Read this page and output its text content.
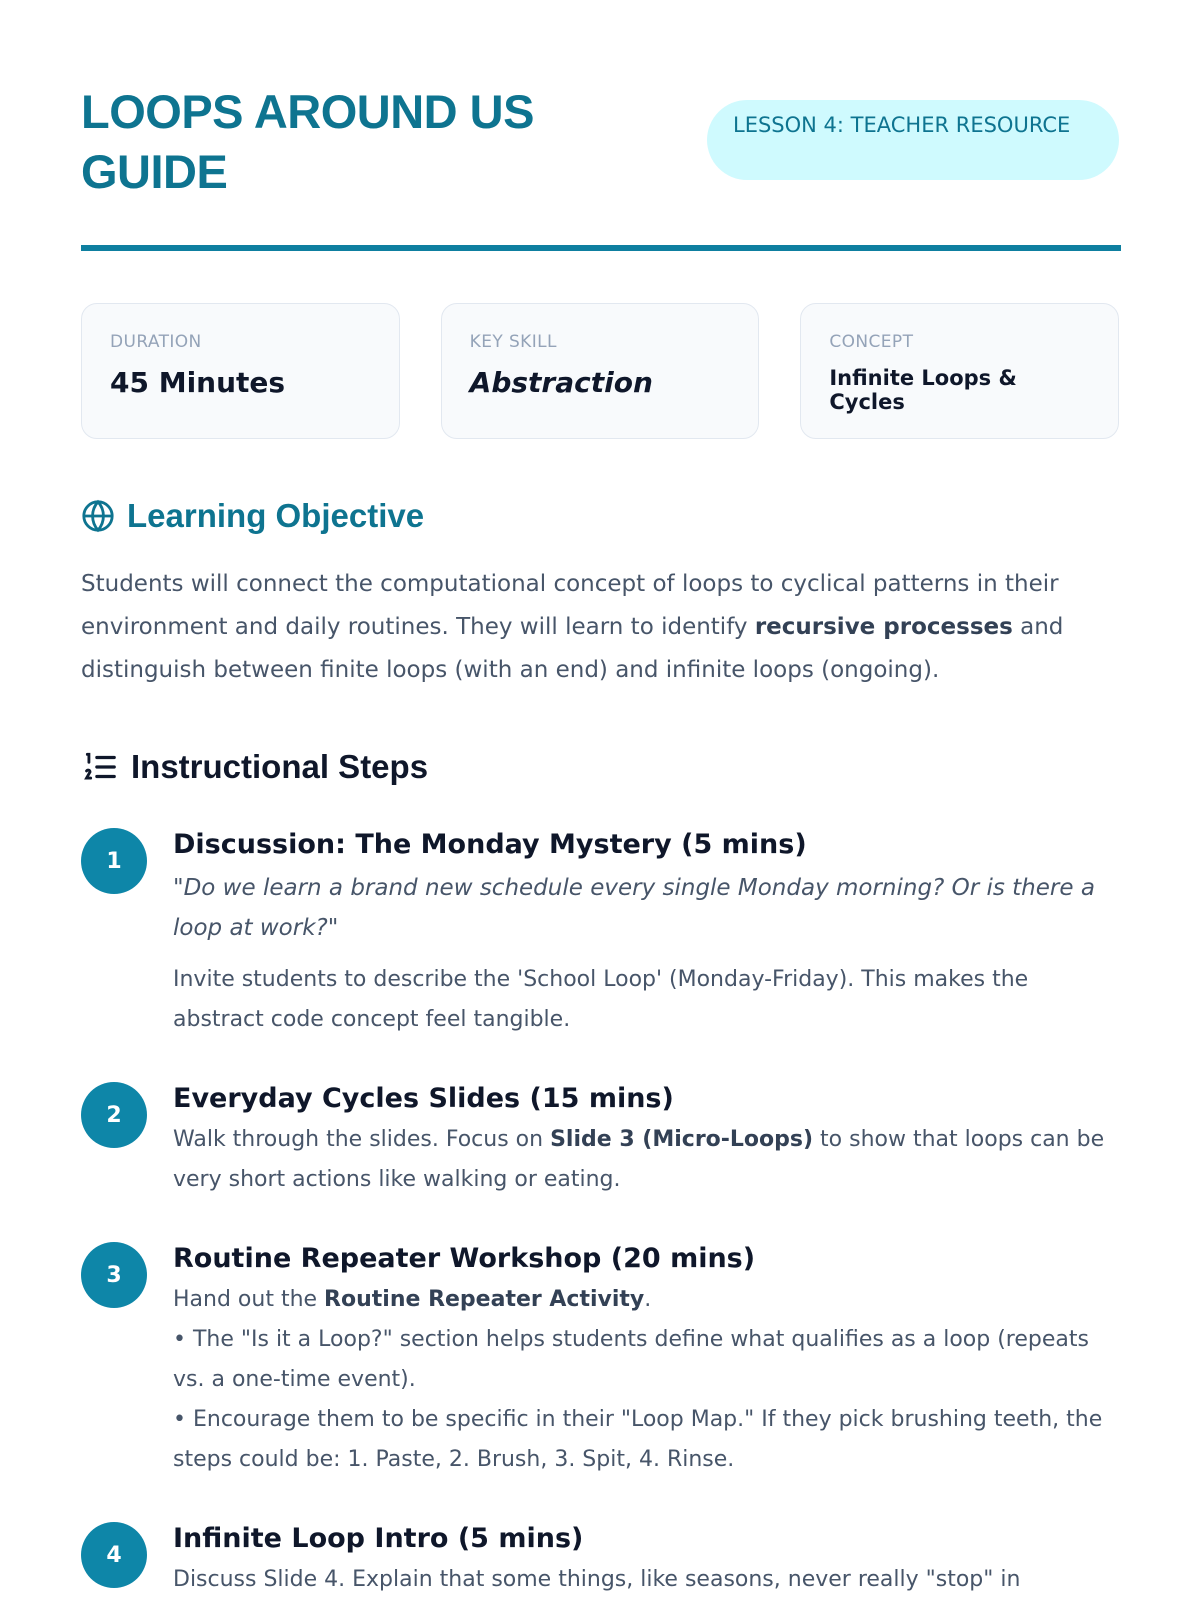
LOOPS AROUND US GUIDE
LESSON 4: TEACHER RESOURCE
DURATION
45 Minutes
KEY SKILL
Abstraction
CONCEPT
Infinite Loops & Cycles
Learning Objective

Students will connect the computational concept of loops to cyclical patterns in their environment and daily routines. They will learn to identify recursive processes and distinguish between finite loops (with an end) and infinite loops (ongoing).

Instructional Steps
1
Discussion: The Monday Mystery (5 mins)
"Do we learn a brand new schedule every single Monday morning? Or is there a loop at work?"
Invite students to describe the 'School Loop' (Monday-Friday). This makes the abstract code concept feel tangible.
2
Everyday Cycles Slides (15 mins)
Walk through the slides. Focus on Slide 3 (Micro-Loops) to show that loops can be very short actions like walking or eating.
3
Routine Repeater Workshop (20 mins)
Hand out the Routine Repeater Activity.
• The "Is it a Loop?" section helps students define what qualifies as a loop (repeats vs. a one-time event).
• Encourage them to be specific in their "Loop Map." If they pick brushing teeth, the steps could be: 1. Paste, 2. Brush, 3. Spit, 4. Rinse.
4
Infinite Loop Intro (5 mins)
Discuss Slide 4. Explain that some things, like seasons, never really "stop" in
